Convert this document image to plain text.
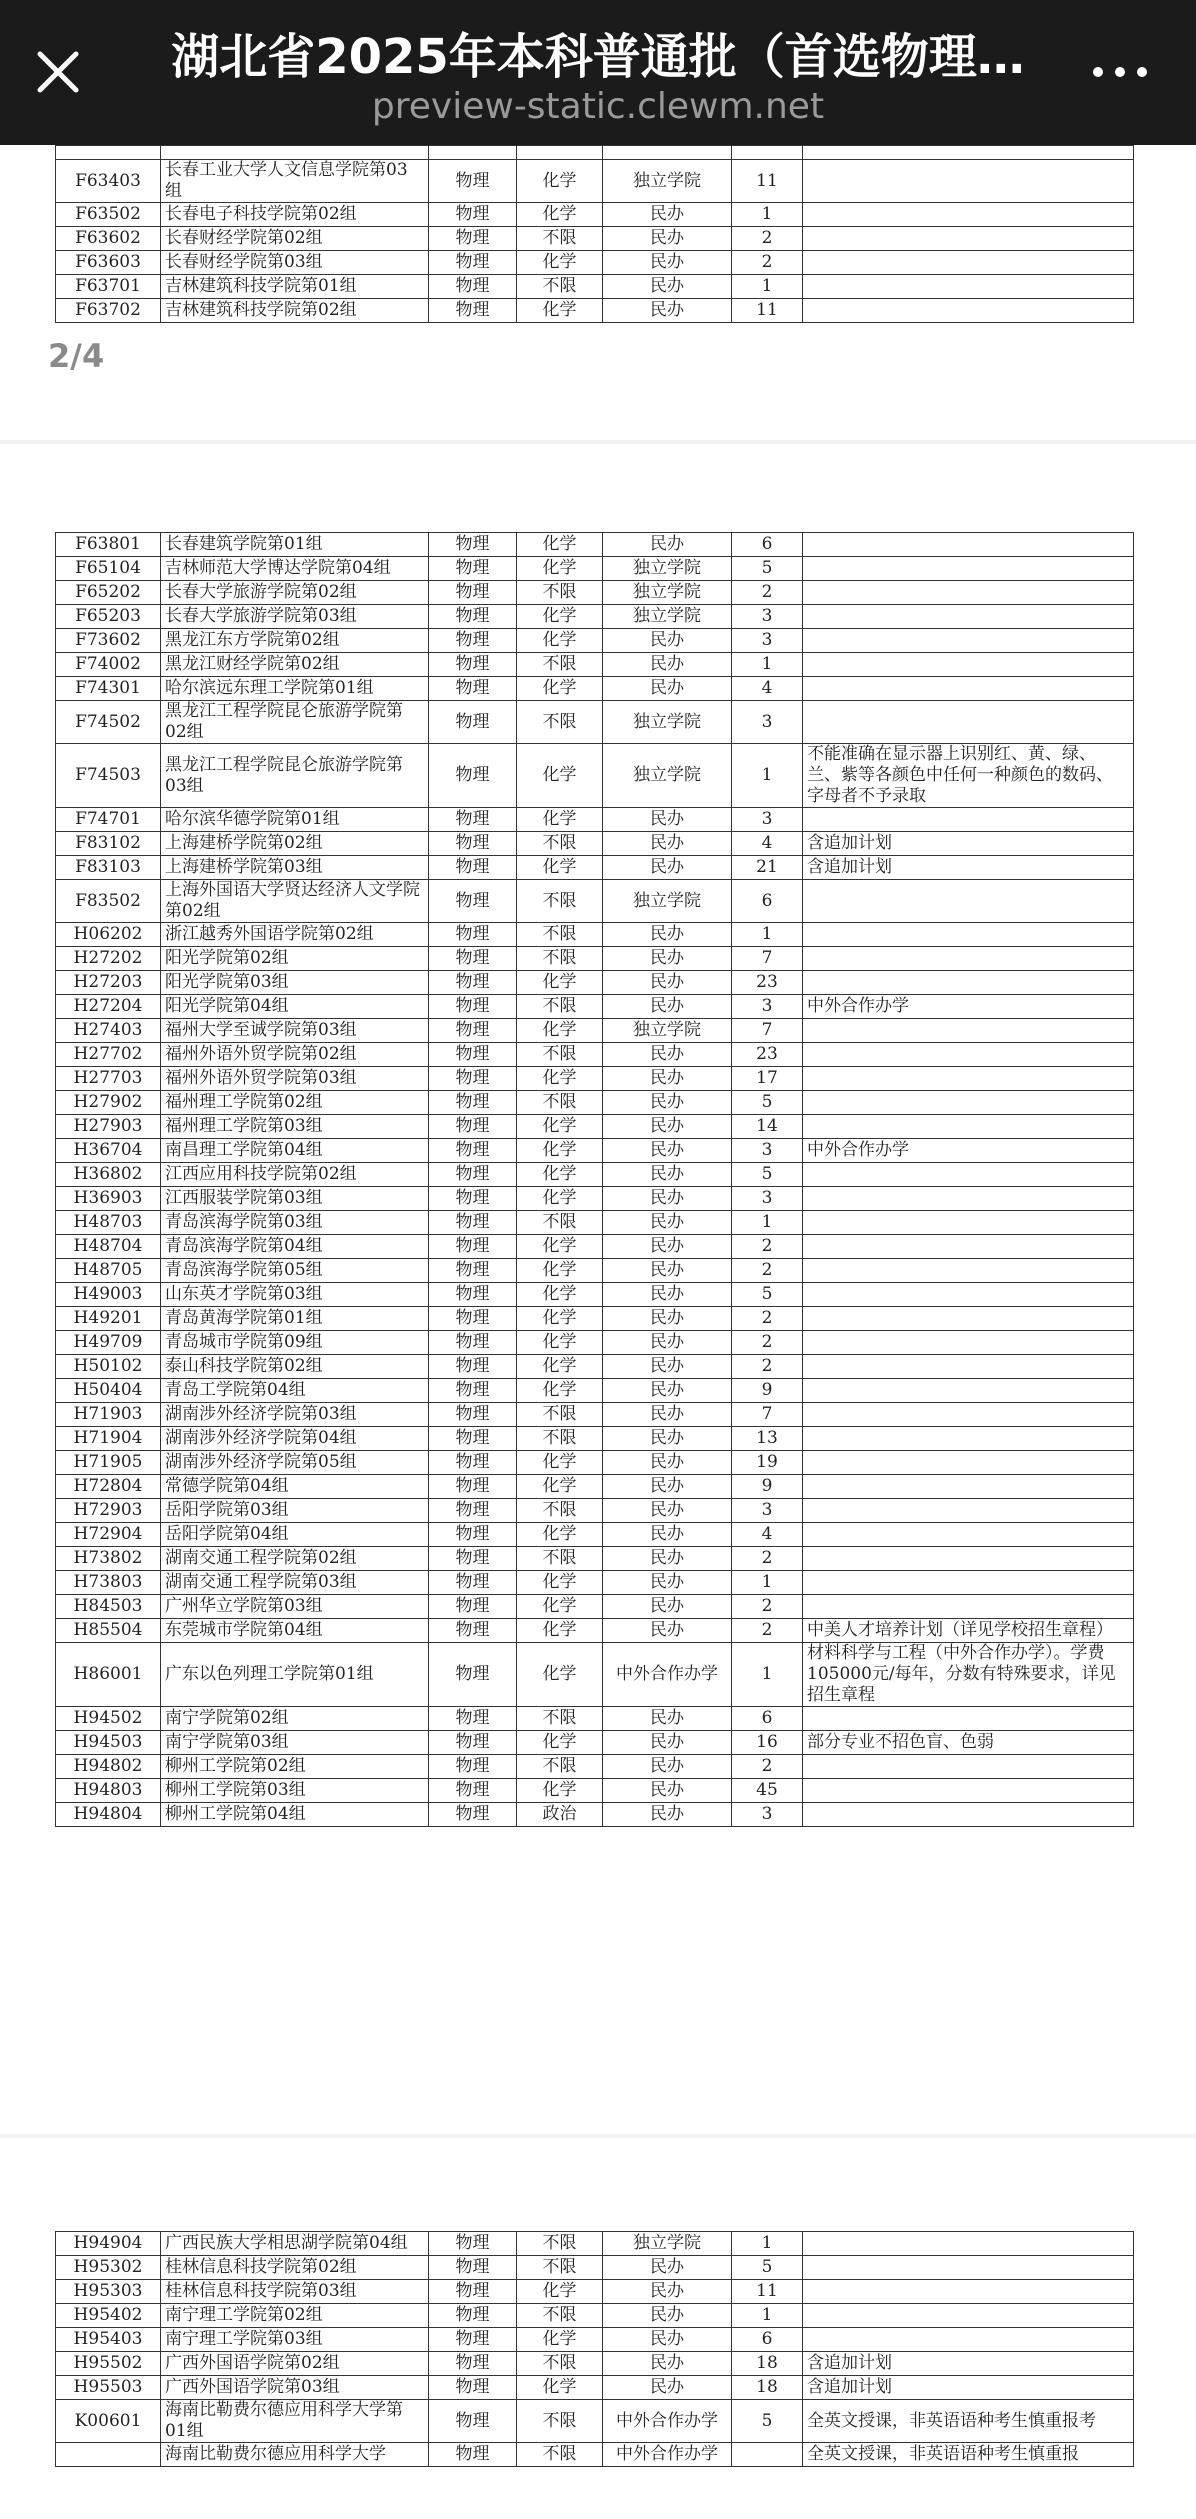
湖北省2025年本科普通批（首选物理…
preview-static.clewm.net

F63403	长春工业大学人文信息学院第03组	物理	化学	独立学院	11	
F63502	长春电子科技学院第02组	物理	化学	民办	1	
F63602	长春财经学院第02组	物理	不限	民办	2	
F63603	长春财经学院第03组	物理	化学	民办	2	
F63701	吉林建筑科技学院第01组	物理	不限	民办	1	
F63702	吉林建筑科技学院第02组	物理	化学	民办	11	
2/4
F63801	长春建筑学院第01组	物理	化学	民办	6	
F65104	吉林师范大学博达学院第04组	物理	化学	独立学院	5	
F65202	长春大学旅游学院第02组	物理	不限	独立学院	2	
F65203	长春大学旅游学院第03组	物理	化学	独立学院	3	
F73602	黑龙江东方学院第02组	物理	化学	民办	3	
F74002	黑龙江财经学院第02组	物理	不限	民办	1	
F74301	哈尔滨远东理工学院第01组	物理	化学	民办	4	
F74502	黑龙江工程学院昆仑旅游学院第02组	物理	不限	独立学院	3	
F74503	黑龙江工程学院昆仑旅游学院第03组	物理	化学	独立学院	1	不能准确在显示器上识别红、黄、绿、兰、紫等各颜色中任何一种颜色的数码、字母者不予录取
F74701	哈尔滨华德学院第01组	物理	化学	民办	3	
F83102	上海建桥学院第02组	物理	不限	民办	4	含追加计划
F83103	上海建桥学院第03组	物理	化学	民办	21	含追加计划
F83502	上海外国语大学贤达经济人文学院第02组	物理	不限	独立学院	6	
H06202	浙江越秀外国语学院第02组	物理	不限	民办	1	
H27202	阳光学院第02组	物理	不限	民办	7	
H27203	阳光学院第03组	物理	化学	民办	23	
H27204	阳光学院第04组	物理	不限	民办	3	中外合作办学
H27403	福州大学至诚学院第03组	物理	化学	独立学院	7	
H27702	福州外语外贸学院第02组	物理	不限	民办	23	
H27703	福州外语外贸学院第03组	物理	化学	民办	17	
H27902	福州理工学院第02组	物理	不限	民办	5	
H27903	福州理工学院第03组	物理	化学	民办	14	
H36704	南昌理工学院第04组	物理	化学	民办	3	中外合作办学
H36802	江西应用科技学院第02组	物理	化学	民办	5	
H36903	江西服装学院第03组	物理	化学	民办	3	
H48703	青岛滨海学院第03组	物理	不限	民办	1	
H48704	青岛滨海学院第04组	物理	化学	民办	2	
H48705	青岛滨海学院第05组	物理	化学	民办	2	
H49003	山东英才学院第03组	物理	化学	民办	5	
H49201	青岛黄海学院第01组	物理	化学	民办	2	
H49709	青岛城市学院第09组	物理	化学	民办	2	
H50102	泰山科技学院第02组	物理	化学	民办	2	
H50404	青岛工学院第04组	物理	化学	民办	9	
H71903	湖南涉外经济学院第03组	物理	不限	民办	7	
H71904	湖南涉外经济学院第04组	物理	不限	民办	13	
H71905	湖南涉外经济学院第05组	物理	化学	民办	19	
H72804	常德学院第04组	物理	化学	民办	9	
H72903	岳阳学院第03组	物理	不限	民办	3	
H72904	岳阳学院第04组	物理	化学	民办	4	
H73802	湖南交通工程学院第02组	物理	不限	民办	2	
H73803	湖南交通工程学院第03组	物理	化学	民办	1	
H84503	广州华立学院第03组	物理	化学	民办	2	
H85504	东莞城市学院第04组	物理	化学	民办	2	中美人才培养计划（详见学校招生章程）
H86001	广东以色列理工学院第01组	物理	化学	中外合作办学	1	材料科学与工程（中外合作办学）。学费105000元/每年，分数有特殊要求，详见招生章程
H94502	南宁学院第02组	物理	不限	民办	6	
H94503	南宁学院第03组	物理	化学	民办	16	部分专业不招色盲、色弱
H94802	柳州工学院第02组	物理	不限	民办	2	
H94803	柳州工学院第03组	物理	化学	民办	45	
H94804	柳州工学院第04组	物理	政治	民办	3	
H94904	广西民族大学相思湖学院第04组	物理	不限	独立学院	1	
H95302	桂林信息科技学院第02组	物理	不限	民办	5	
H95303	桂林信息科技学院第03组	物理	化学	民办	11	
H95402	南宁理工学院第02组	物理	不限	民办	1	
H95403	南宁理工学院第03组	物理	化学	民办	6	
H95502	广西外国语学院第02组	物理	不限	民办	18	含追加计划
H95503	广西外国语学院第03组	物理	化学	民办	18	含追加计划
K00601	海南比勒费尔德应用科学大学第01组	物理	不限	中外合作办学	5	全英文授课，非英语语种考生慎重报考
	海南比勒费尔德应用科学大学	物理	不限	中外合作办学		全英文授课，非英语语种考生慎重报
